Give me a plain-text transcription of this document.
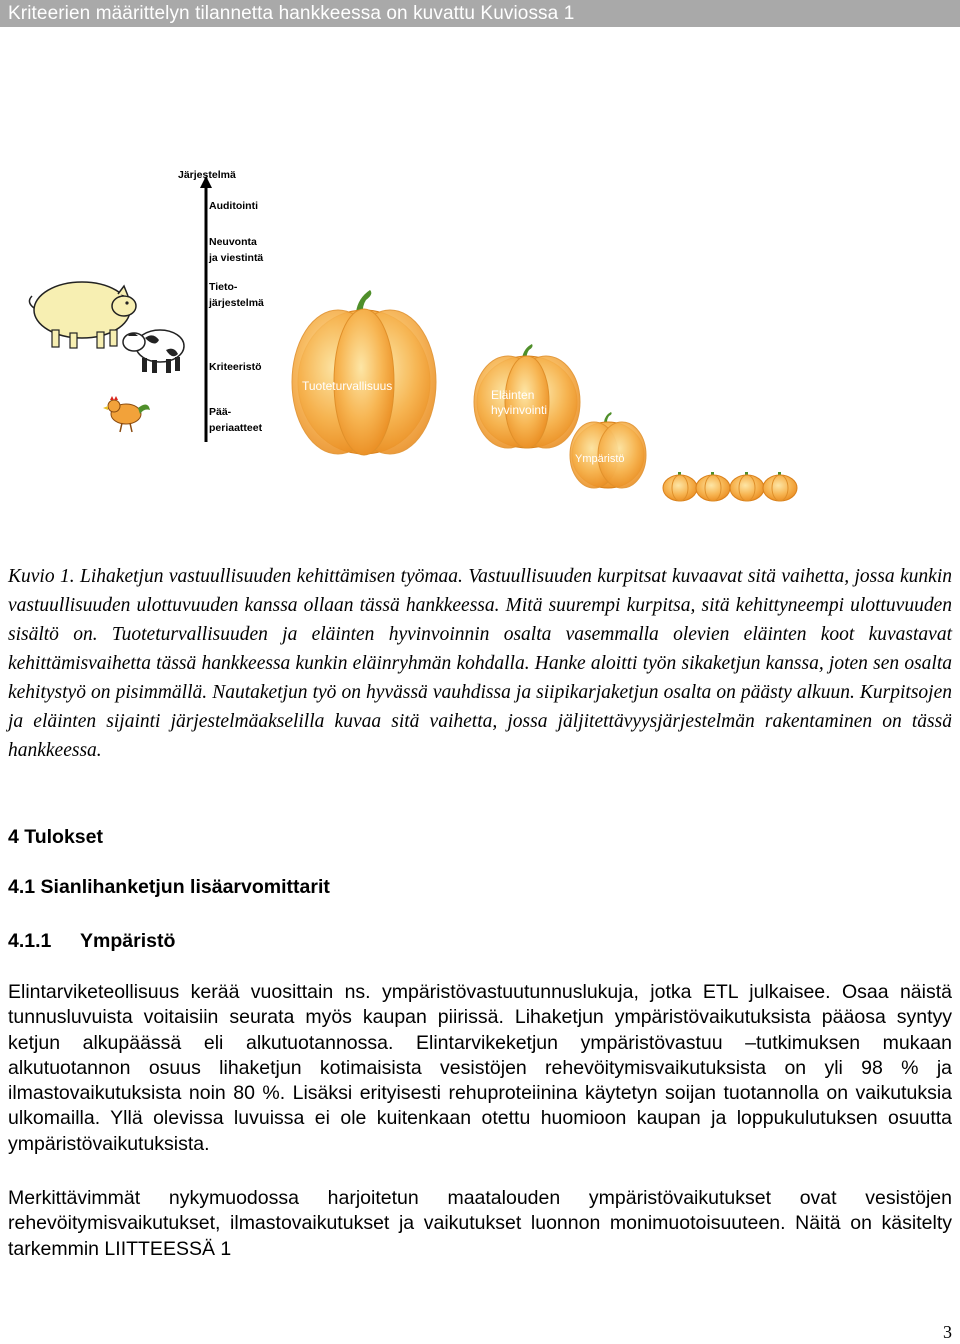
Kriteerien määrittelyn tilannetta hankkeessa on kuvattu Kuviossa 1
Järjestelmä
Auditointi
Neuvonta ja viestintä
Tieto- järjestelmä
Kriteeristö
Pää- periaatteet
Tuoteturvallisuus
Eläinten
hyvinvointi
Ympäristö
Kuvio 1. Lihaketjun vastuullisuuden kehittämisen työmaa. Vastuullisuuden kurpitsat kuvaavat sitä vaihetta, jossa kunkin vastuullisuuden ulottuvuuden kanssa ollaan tässä hankkeessa. Mitä suurempi kurpitsa, sitä kehittyneempi ulottuvuuden sisältö on. Tuoteturvallisuuden ja eläinten hyvinvoinnin osalta vasemmalla olevien eläinten koot kuvastavat kehittämisvaihetta tässä hankkeessa kunkin eläinryhmän kohdalla. Hanke aloitti työn sikaketjun kanssa, joten sen osalta kehitystyö on pisimmällä. Nautaketjun työ on hyvässä vauhdissa ja siipikarjaketjun osalta on päästy alkuun. Kurpitsojen ja eläinten sijainti järjestelmäakselilla kuvaa sitä vaihetta, jossa jäljitettävyysjärjestelmän rakentaminen on tässä hankkeessa.
4 Tulokset
4.1 Sianlihanketjun lisäarvomittarit
4.1.1 Ympäristö
Elintarviketeollisuus kerää vuosittain ns. ympäristövastuutunnuslukuja, jotka ETL julkaisee. Osaa näistä tunnusluvuista voitaisiin seurata myös kaupan piirissä. Lihaketjun ympäristövaikutuksista pääosa syntyy ketjun alkupäässä eli alkutuotannossa. Elintarvikeketjun ympäristövastuu –tutkimuksen mukaan alkutuotannon osuus lihaketjun kotimaisista vesistöjen rehevöitymisvaikutuksista on yli 98 % ja ilmastovaikutuksista noin 80 %. Lisäksi erityisesti rehuproteiinina käytetyn soijan tuotannolla on vaikutuksia ulkomailla. Yllä olevissa luvuissa ei ole kuitenkaan otettu huomioon kaupan ja loppukulutuksen osuutta ympäristövaikutuksista.
Merkittävimmät nykymuodossa harjoitetun maatalouden ympäristövaikutukset ovat vesistöjen rehevöitymisvaikutukset, ilmastovaikutukset ja vaikutukset luonnon monimuotoisuuteen. Näitä on käsitelty tarkemmin LIITTEESSÄ 1
3
